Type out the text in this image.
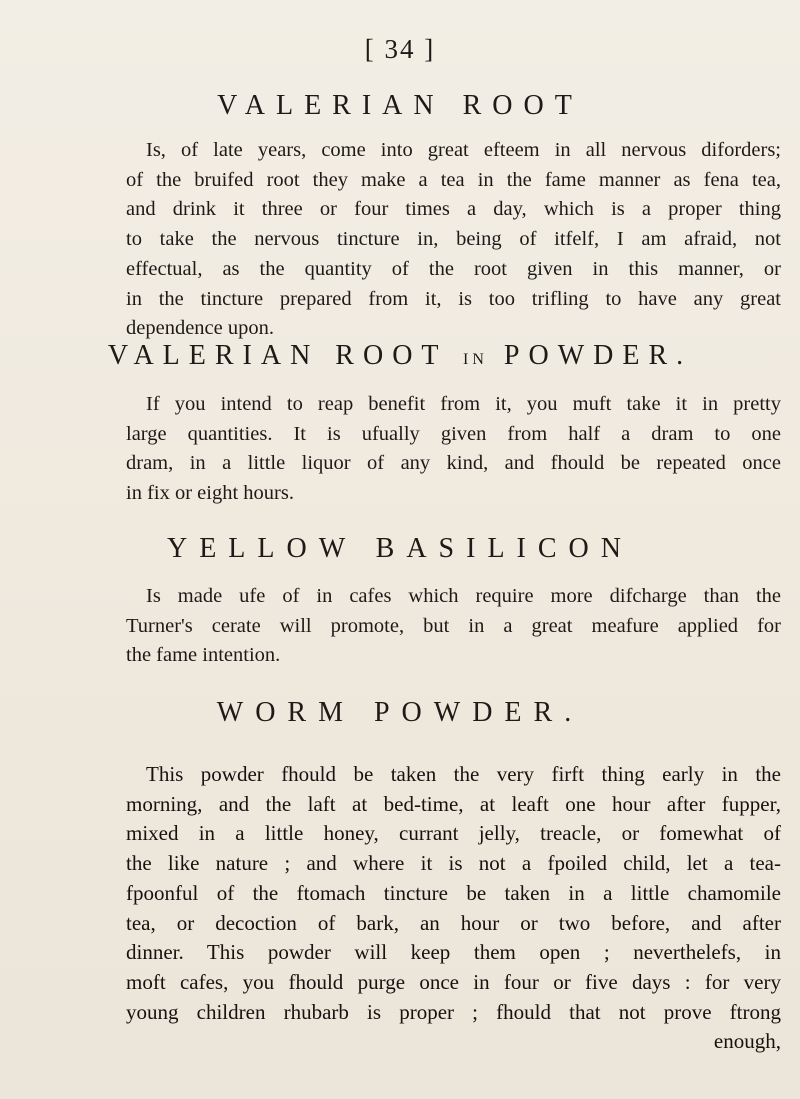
[ 34 ]
VALERIAN ROOT
Is, of late years, come into great efteem in all nervous diforders;
of the bruifed root they make a tea in the fame manner as fena tea,
and drink it three or four times a day, which is a proper thing
to take the nervous tincture in, being of itfelf, I am afraid, not
effectual, as the quantity of the root given in this manner, or
in the tincture prepared from it, is too trifling to have any great
dependence upon.
VALERIAN ROOT IN POWDER.
If you intend to reap benefit from it, you muft take it in pretty
large quantities. It is ufually given from half a dram to one
dram, in a little liquor of any kind, and fhould be repeated once
in fix or eight hours.
YELLOW BASILICON
Is made ufe of in cafes which require more difcharge than the
Turner's cerate will promote, but in a great meafure applied for
the fame intention.
WORM POWDER.
This powder fhould be taken the very firft thing early in the
morning, and the laft at bed-time, at leaft one hour after fupper,
mixed in a little honey, currant jelly, treacle, or fomewhat of
the like nature ; and where it is not a fpoiled child, let a tea-
fpoonful of the ftomach tincture be taken in a little chamomile
tea, or decoction of bark, an hour or two before, and after
dinner. This powder will keep them open ; neverthelefs, in
moft cafes, you fhould purge once in four or five days : for very
young children rhubarb is proper ; fhould that not prove ftrong
enough,
